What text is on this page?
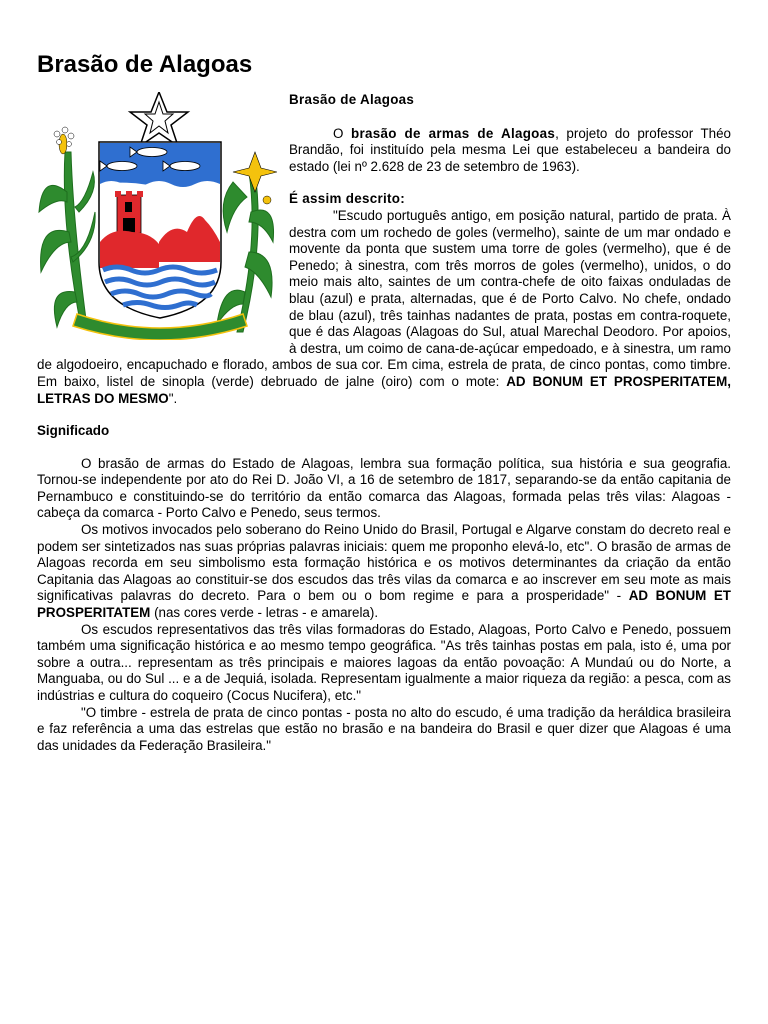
Brasão de Alagoas

Brasão de Alagoas

O brasão de armas de Alagoas, projeto do professor Théo Brandão, foi instituído pela mesma Lei que estabeleceu a bandeira do estado (lei nº 2.628 de 23 de setembro de 1963).

É assim descrito:

"Escudo português antigo, em posição natural, partido de prata. À destra com um rochedo de goles (vermelho), sainte de um mar ondado e movente da ponta que sustem uma torre de goles (vermelho), que é de Penedo; à sinestra, com três morros de goles (vermelho), unidos, o do meio mais alto, saintes de um contra-chefe de oito faixas onduladas de blau (azul) e prata, alternadas, que é de Porto Calvo. No chefe, ondado de blau (azul), três tainhas nadantes de prata, postas em contra-roquete, que é das Alagoas (Alagoas do Sul, atual Marechal Deodoro. Por apoios, à destra, um coimo de cana-de-açúcar empedoado, e à sinestra, um ramo de algodoeiro, encapuchado e florado, ambos de sua cor. Em cima, estrela de prata, de cinco pontas, como timbre. Em baixo, listel de sinopla (verde) debruado de jalne (oiro) com o mote: AD BONUM ET PROSPERITATEM, LETRAS DO MESMO".

Significado

O brasão de armas do Estado de Alagoas, lembra sua formação política, sua história e sua geografia. Tornou-se independente por ato do Rei D. João VI, a 16 de setembro de 1817, separando-se da então capitania de Pernambuco e constituindo-se do território da então comarca das Alagoas, formada pelas três vilas: Alagoas - cabeça da comarca - Porto Calvo e Penedo, seus termos.

Os motivos invocados pelo soberano do Reino Unido do Brasil, Portugal e Algarve constam do decreto real e podem ser sintetizados nas suas próprias palavras iniciais: quem me proponho elevá-lo, etc". O brasão de armas de Alagoas recorda em seu simbolismo esta formação histórica e os motivos determinantes da criação da então Capitania das Alagoas ao constituir-se dos escudos das três vilas da comarca e ao inscrever em seu mote as mais significativas palavras do decreto. Para o bem ou o bom regime e para a prosperidade" - AD BONUM ET PROSPERITATEM (nas cores verde - letras - e amarela).

Os escudos representativos das três vilas formadoras do Estado, Alagoas, Porto Calvo e Penedo, possuem também uma significação histórica e ao mesmo tempo geográfica. "As três tainhas postas em pala, isto é, uma por sobre a outra... representam as três principais e maiores lagoas da então povoação: A Mundaú ou do Norte, a Manguaba, ou do Sul ... e a de Jequiá, isolada. Representam igualmente a maior riqueza da região: a pesca, com as indústrias e cultura do coqueiro (Cocus Nucifera), etc."

"O timbre - estrela de prata de cinco pontas - posta no alto do escudo, é uma tradição da heráldica brasileira e faz referência a uma das estrelas que estão no brasão e na bandeira do Brasil e quer dizer que Alagoas é uma das unidades da Federação Brasileira."
